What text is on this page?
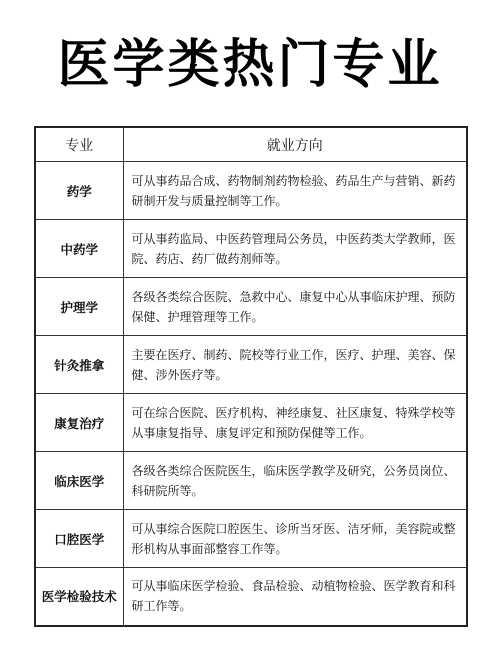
医学类热门专业
专业	就业方向
药学	可从事药品合成、药物制剂药物检验、药品生产与营销、新药研制开发与质量控制等工作。
中药学	可从事药监局、中医药管理局公务员，中医药类大学教师，医院、药店、药厂做药剂师等。
护理学	各级各类综合医院、急救中心、康复中心从事临床护理、预防保健、护理管理等工作。
针灸推拿	主要在医疗、制药、院校等行业工作，医疗、护理、美容、保健、涉外医疗等。
康复治疗	可在综合医院、医疗机构、神经康复、社区康复、特殊学校等从事康复指导、康复评定和预防保健等工作。
临床医学	各级各类综合医院医生，临床医学教学及研究，公务员岗位、科研院所等。
口腔医学	可从事综合医院口腔医生、诊所当牙医、洁牙师，美容院或整形机构从事面部整容工作等。
医学检验技术	可从事临床医学检验、食品检验、动植物检验、医学教育和科研工作等。
